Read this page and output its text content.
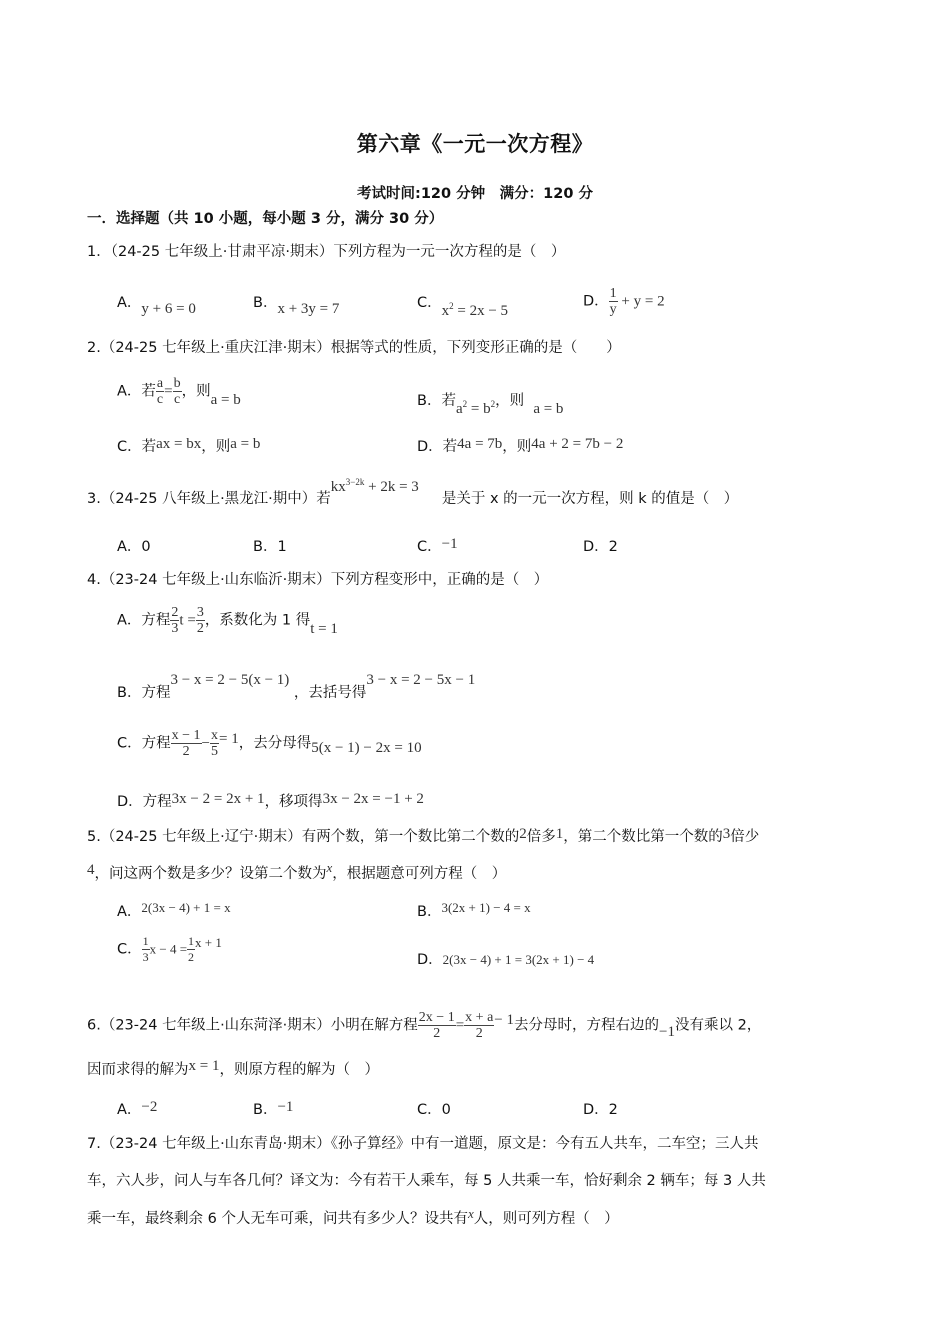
第六章《一元一次方程》
考试时间:120 分钟　满分：120 分
一．选择题（共 10 小题，每小题 3 分，满分 30 分）
1．（24-25 七年级上·甘肃平凉·期末）下列方程为一元一次方程的是（　）
A．y + 6 = 0	B．x + 3y = 7	C．$x^2 = 2x - 5$
D． $\frac{1}{y} + y = 2$
2.（24-25 七年级上·重庆江津·期末）根据等式的性质，下列变形正确的是（　　）
A．若 $\frac{a}{c} = \frac{b}{c}$ ，则a = b	B．若$a^2 = b^2$，则 a = b
C．若ax = bx，则a = b	D．若4a = 7b，则4a + 2 = 7b − 2
3.（24-25 八年级上·黑龙江·期中）若$kx^{3-2k} + 2k = 3$     是关于 x 的一元一次方程，则 k 的值是（　）
A．0	B．1	C．−1	D．2
4.（23-24 七年级上·山东临沂·期末）下列方程变形中，正确的是（　）
A．方程 $\frac{2}{3}$ $t = \frac{3}{2}$ ，系数化为 1 得t = 1
B．方程3 − x = 2 − 5(x − 1) ，去括号得3 − x = 2 − 5x − 1
C．方程 $\frac{x - 1}{2} - \frac{x}{5} = 1$，去分母得5(x − 1) − 2x = 10
D．方程3x − 2 = 2x + 1，移项得3x − 2x = −1 + 2
5.（24-25 七年级上·辽宁·期末）有两个数，第一个数比第二个数的2倍多1，第二个数比第一个数的3倍少
4，问这两个数是多少？设第二个数为x，根据题意可列方程（　）
A．2(3x − 4) + 1 = x	B．3(2x + 1) − 4 = x
C． $\frac{1}{3}$ $x - 4 = \frac{1}{2}$ x + 1
D．2(3x − 4) + 1 = 3(2x + 1) − 4
6.（23-24 七年级上·山东菏泽·期末）小明在解方程 $\frac{2x - 1}{2} = \frac{x + a}{2} - 1$去分母时，方程右边的−1没有乘以 2，
因而求得的解为x = 1，则原方程的解为（　）
A．−2	B．−1	C．0	D．2
7.（23-24 七年级上·山东青岛·期末）《孙子算经》中有一道题，原文是：今有五人共车，二车空；三人共
车，六人步，问人与车各几何？译文为：今有若干人乘车，每 5 人共乘一车，恰好剩余 2 辆车；每 3 人共
乘一车，最终剩余 6 个人无车可乘，问共有多少人？设共有x人，则可列方程（　）
